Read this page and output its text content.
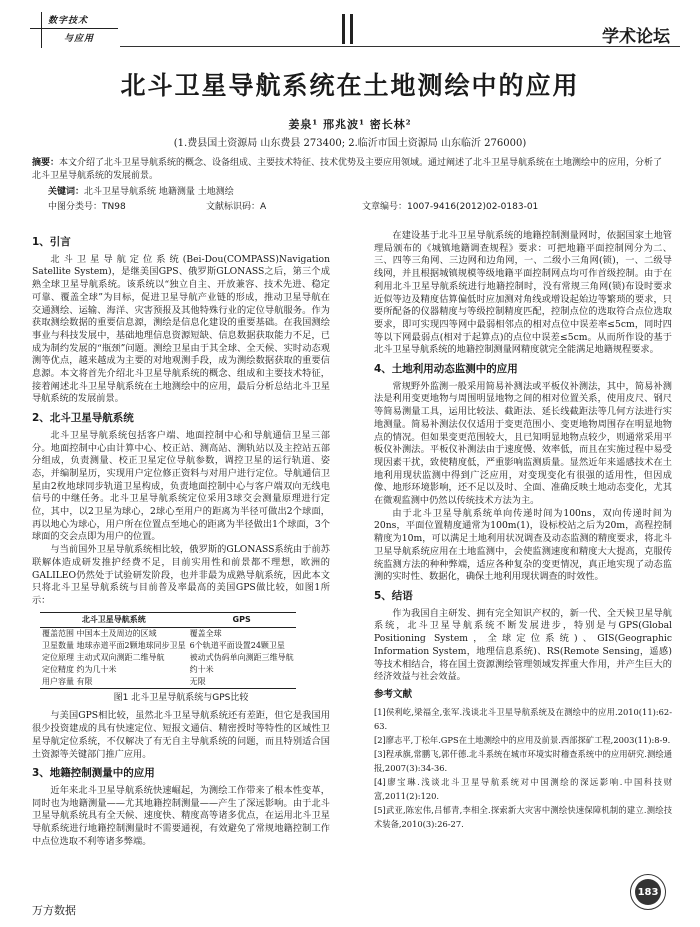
数字技术
与应用	学术论坛
北斗卫星导航系统在土地测绘中的应用
姜泉¹ 邢兆波¹ 密长林²
(1.费县国土资源局 山东费县 273400; 2.临沂市国土资源局 山东临沂 276000)
摘要：本文介绍了北斗卫星导航系统的概念、设备组成、主要技术特征、技术优势及主要应用领域。通过阐述了北斗卫星导航系统在土地测绘中的应用，分析了北斗卫星导航系统的发展前景。
关键词：北斗卫星导航系统 地籍测量 土地测绘
中图分类号：TN98	文献标识码：A	文章编号：1007-9416(2012)02-0183-01
1、引言

北斗卫星导航定位系统(Bei-Dou(COMPASS)Navigation Satellite System)，是继美国GPS、俄罗斯GLONASS之后，第三个成熟全球卫星导航系统。该系统以“独立自主、开放兼容、技术先进、稳定可靠、覆盖全球”为目标，促进卫星导航产业链的形成，推动卫星导航在交通测绘、运输、海洋、灾害预报及其他特殊行业的定位导航服务。作为获取测绘数据的重要信息源，测绘是信息化建设的重要基础。在我国测绘事业与科技发展中，基础地理信息资源短缺、信息数据获取能力不足，已成为制约发展的“瓶颈”问题。测绘卫星由于其全球、全天候、实时动态观测等优点，越来越成为主要的对地观测手段，成为测绘数据获取的重要信息源。本文将首先介绍北斗卫星导航系统的概念、组成和主要技术特征，接着阐述北斗卫星导航系统在土地测绘中的应用，最后分析总结北斗卫星导航系统的发展前景。

2、北斗卫星导航系统

北斗卫星导航系统包括客户端、地面控制中心和导航通信卫星三部分。地面控制中心由计算中心、校正站、测高站、测轨站以及主控站五部分组成，负责测量、校正卫星定位导航参数，调控卫星的运行轨道、姿态，并编制星历，实现用户定位修正资料与对用户进行定位。导航通信卫星由2枚地球同步轨道卫星构成，负责地面控制中心与客户端双向无线电信号的中继任务。北斗卫星导航系统定位采用3球交会测量原理进行定位，其中，以2卫星为球心，2球心至用户的距离为半径可做出2个球面，再以地心为球心，用户所在位置点至地心的距离为半径做出1个球面，3个球面的交会点即为用户的位置。

与当前国外卫星导航系统相比较，俄罗斯的GLONASS系统由于前苏联解体造成研发推护经费不足，目前实用性和前景都不理想，欧洲的GALILEO仍然处于试验研发阶段，也并非最为成熟导航系统，因此本文只将北斗卫星导航系统与目前普及率最高的美国GPS做比较，如图1所示：

北斗卫星导航系统	GPS
覆盖范围 中国本土及周边的区域	覆盖全球
卫星数量 地球赤道平面2颗地球同步卫星	6个轨道平面设置24颗卫星
定位原理 主动式双向测距二维导航	被动式伪码单向测距三维导航
定位精度 约为几十米	约十米
用户容量 有限	无限
图1 北斗卫星导航系统与GPS比较

与美国GPS相比较，虽然北斗卫星导航系统还有差距，但它是我国用很少投资建成的具有快速定位、短报文通信、精密授时等特性的区域性卫星导航定位系统，不仅解决了有无自主导航系统的问题，而且特别适合国土资源等关键部门推广应用。

3、地籍控制测量中的应用

近年来北斗卫星导航系统快速崛起，为测绘工作带来了根本性变革，同时也为地籍测量——尤其地籍控制测量——产生了深远影响。由于北斗卫星导航系统具有全天候、速度快、精度高等诸多优点，在运用北斗卫星导航系统进行地籍控制测量时不需要通视，有效避免了常规地籍控制工作中点位选取不利等诸多弊端。

在建设基于北斗卫星导航系统的地籍控制测量网时，依据国家土地管理局颁布的《城镇地籍调查规程》要求：可把地籍平面控制网分为二、三、四等三角网、三边网和边角网，一、二级小三角网(锁)，一、二级导线网，并且根据城镇规模等级地籍平面控制网点均可作首级控制。由于在利用北斗卫星导航系统进行地籍控制时，没有常规三角网(锁)布设时要求近似等边及精度估算偏低时应加测对角线或增设起始边等繁琐的要求，只要所配备的仪器精度与等级控制精度匹配，控制点位的选取符合点位选取要求，即可实现四等网中最弱相邻点的相对点位中误差率≤5cm，同时四等以下网最弱点(相对于起算点)的点位中误差≤5cm。从而所作设的基于北斗卫星导航系统的地籍控制测量网精度就完全能满足地籍规程要求。

4、土地利用动态监测中的应用

常规野外监测一般采用简易补测法或平板仪补测法，其中，简易补测法是利用变更地物与周围明显地物之间的相对位置关系，使用皮尺、钢尺等简易测量工具，运用比较法、截距法、延长线截距法等几何方法进行实地测量。简易补测法仅仅适用于变更范围小、变更地物周围存在明显地物点的情况。但如果变更范围较大，且已知明显地物点较少，则通常采用平板仪补测法。平板仪补测法由于速度慢、效率低，而且在实施过程中易受现因素干扰，致使精度低，严重影响监测质量。显然近年来遥感技术在土地利用现状监测中得到广泛应用，对变现变化有很强的适用性，但因成像、地形环境影响，还不足以及时、全面、准确反映土地动态变化，尤其在微观监测中仍然以传统技术方法为主。

由于北斗卫星导航系统单向传递时间为100ns，双向传递时间为20ns，平面位置精度通常为100m(1)，设标校站之后为20m，高程控制精度为10m，可以满足土地利用状况调查及动态监测的精度要求，将北斗卫星导航系统应用在土地监测中，会使监测速度和精度大大提高，克服传统监测方法的种种弊端，适应各种复杂的变更情况，真正地实现了动态监测的实时性、数据化，确保土地利用现状调查的时效性。

5、结语

作为我国自主研发、拥有完全知识产权的，新一代、全天候卫星导航系统，北斗卫星导航系统不断发展进步，特别是与GPS(Global Positioning System，全球定位系统)、GIS(Geographic Information System，地理信息系统)、RS(Remote Sensing，遥感)等技术相结合，将在国土资源测绘管理领域发挥重大作用，并产生巨大的经济效益与社会效益。

参考文献
[1]侯利屹,梁福全,张军.浅谈北斗卫星导航系统及在测绘中的应用.2010(11):62-63.
[2]廖志平,丁松年.GPS在土地测绘中的应用及前景.西部探矿工程,2003(11):8-9.
[3]程承旗,常鹏飞,郭仟德.北斗系统在城市环境实时稽查系统中的应用研究.测绘通报,2007(3):34-36.
[4]廖宝琳.浅谈北斗卫星导航系统对中国测绘的深远影响.中国科技财富,2011(2):120.
[5]武亚,陈宏伟,吕郁青,李相全.探索新大灾害中测绘快速保障机制的建立.测绘技术装备,2010(3):26-27.
万方数据
183
